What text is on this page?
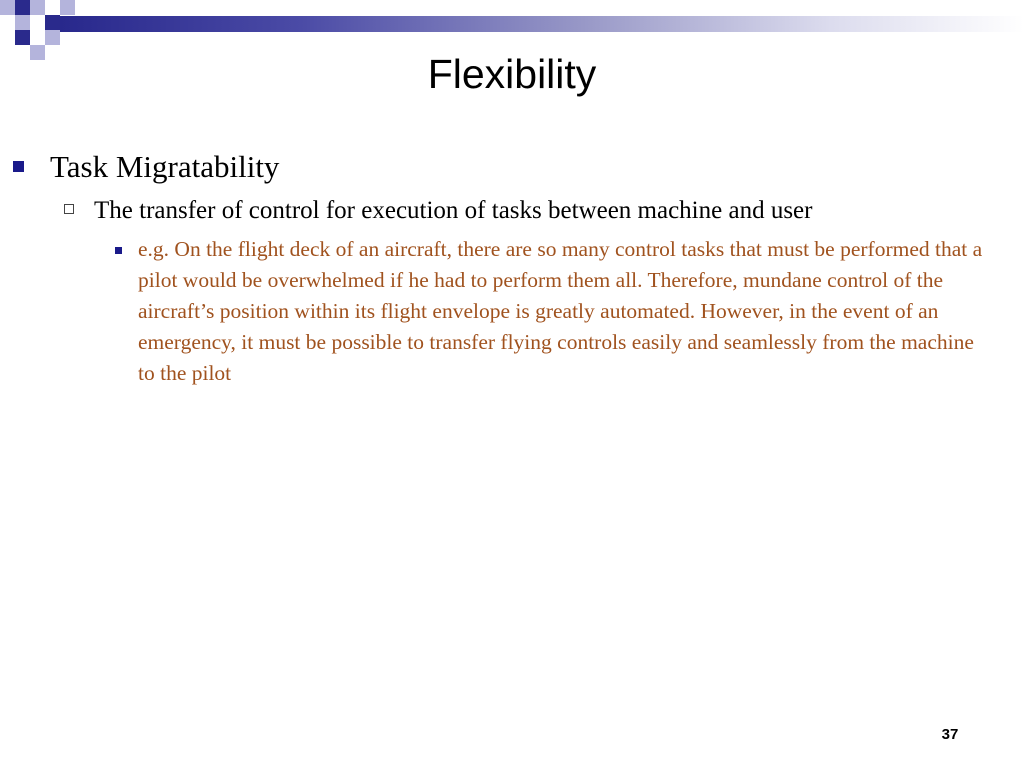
Flexibility
Task Migratability
The transfer of control for execution of tasks between machine and user
e.g. On the flight deck of an aircraft, there are so many control tasks that must be performed that a pilot would be overwhelmed if he had to perform them all. Therefore, mundane control of the aircraft’s position within its flight envelope is greatly automated. However, in the event of an emergency, it must be possible to transfer flying controls easily and seamlessly from the machine to the pilot
37
